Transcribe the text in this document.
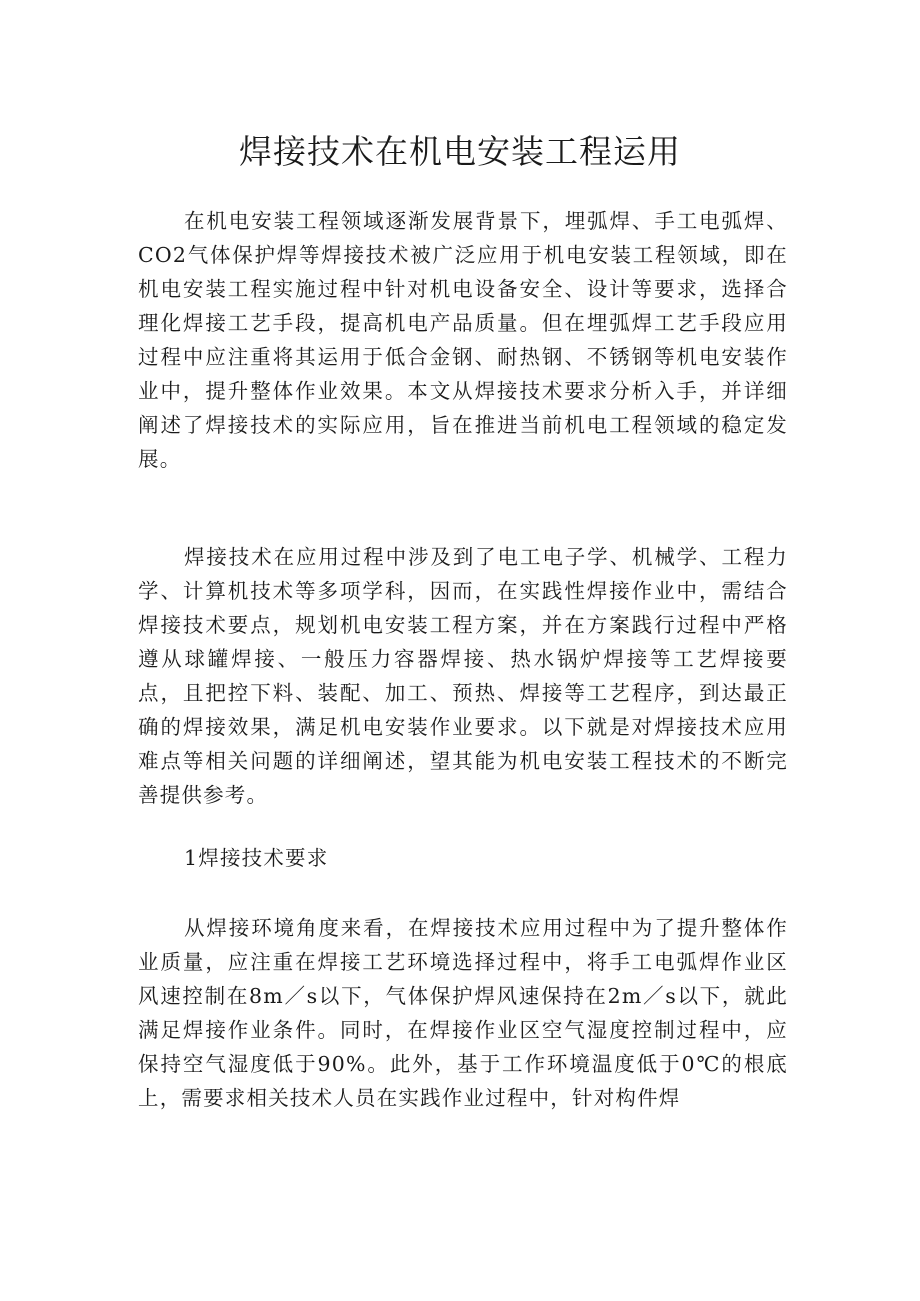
焊接技术在机电安装工程运用

在机电安装工程领域逐渐发展背景下，埋弧焊、手工电弧焊、CO2气体保护焊等焊接技术被广泛应用于机电安装工程领域，即在机电安装工程实施过程中针对机电设备安全、设计等要求，选择合理化焊接工艺手段，提高机电产品质量。但在埋弧焊工艺手段应用过程中应注重将其运用于低合金钢、耐热钢、不锈钢等机电安装作业中，提升整体作业效果。本文从焊接技术要求分析入手，并详细阐述了焊接技术的实际应用，旨在推进当前机电工程领域的稳定发展。

焊接技术在应用过程中涉及到了电工电子学、机械学、工程力学、计算机技术等多项学科，因而，在实践性焊接作业中，需结合焊接技术要点，规划机电安装工程方案，并在方案践行过程中严格遵从球罐焊接、一般压力容器焊接、热水锅炉焊接等工艺焊接要点，且把控下料、装配、加工、预热、焊接等工艺程序，到达最正确的焊接效果，满足机电安装作业要求。以下就是对焊接技术应用难点等相关问题的详细阐述，望其能为机电安装工程技术的不断完善提供参考。

1焊接技术要求

从焊接环境角度来看，在焊接技术应用过程中为了提升整体作业质量，应注重在焊接工艺环境选择过程中，将手工电弧焊作业区风速控制在8m／s以下，气体保护焊风速保持在2m／s以下，就此满足焊接作业条件。同时，在焊接作业区空气湿度控制过程中，应保持空气湿度低于90%。此外，基于工作环境温度低于0℃的根底上，需要求相关技术人员在实践作业过程中，针对构件焊
